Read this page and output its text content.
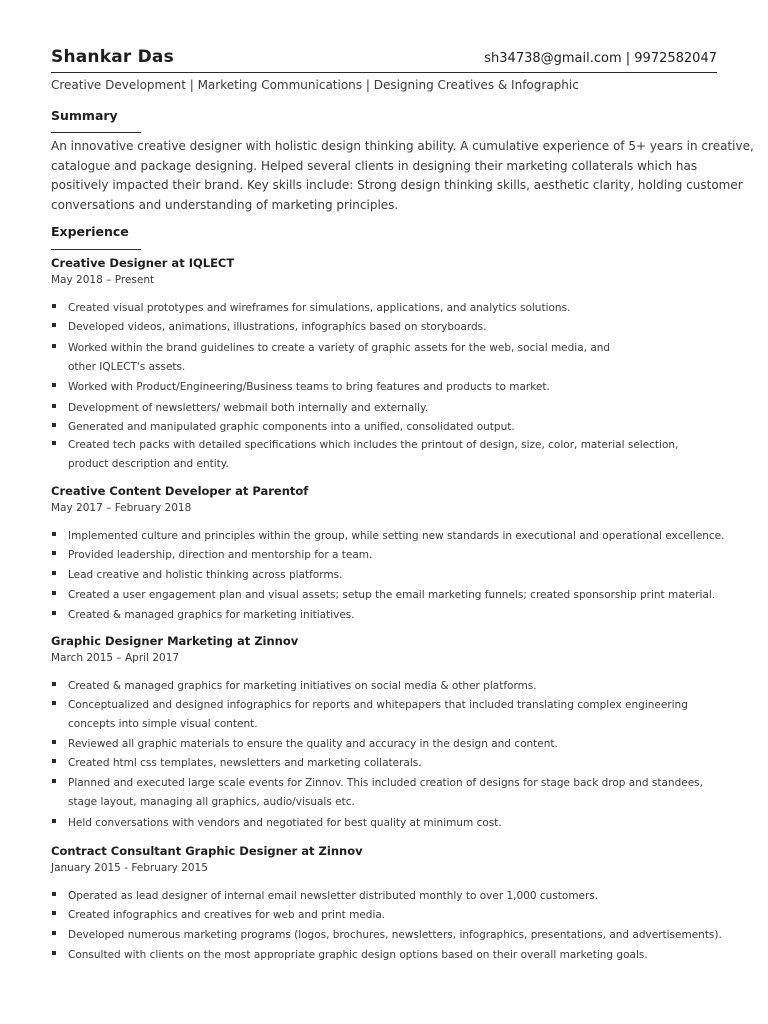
Shankar Das	sh34738@gmail.com | 9972582047
Creative Development | Marketing Communications | Designing Creatives & Infographic
Summary
An innovative creative designer with holistic design thinking ability. A cumulative experience of 5+ years in creative,
catalogue and package designing. Helped several clients in designing their marketing collaterals which has
positively impacted their brand. Key skills include: Strong design thinking skills, aesthetic clarity, holding customer
conversations and understanding of marketing principles.
Experience
Creative Designer at IQLECT
May 2018 – Present
Created visual prototypes and wireframes for simulations, applications, and analytics solutions.
Developed videos, animations, illustrations, infographics based on storyboards.
Worked within the brand guidelines to create a variety of graphic assets for the web, social media, and
other IQLECT's assets.
Worked with Product/Engineering/Business teams to bring features and products to market.
Development of newsletters/ webmail both internally and externally.
Generated and manipulated graphic components into a unified, consolidated output.
Created tech packs with detailed specifications which includes the printout of design, size, color, material selection,
product description and entity.
Creative Content Developer at Parentof
May 2017 – February 2018
Implemented culture and principles within the group, while setting new standards in executional and operational excellence.
Provided leadership, direction and mentorship for a team.
Lead creative and holistic thinking across platforms.
Created a user engagement plan and visual assets; setup the email marketing funnels; created sponsorship print material.
Created & managed graphics for marketing initiatives.
Graphic Designer Marketing at Zinnov
March 2015 – April 2017
Created & managed graphics for marketing initiatives on social media & other platforms.
Conceptualized and designed infographics for reports and whitepapers that included translating complex engineering
concepts into simple visual content.
Reviewed all graphic materials to ensure the quality and accuracy in the design and content.
Created html css templates, newsletters and marketing collaterals.
Planned and executed large scale events for Zinnov. This included creation of designs for stage back drop and standees,
stage layout, managing all graphics, audio/visuals etc.
Held conversations with vendors and negotiated for best quality at minimum cost.
Contract Consultant Graphic Designer at Zinnov
January 2015 - February 2015
Operated as lead designer of internal email newsletter distributed monthly to over 1,000 customers.
Created infographics and creatives for web and print media.
Developed numerous marketing programs (logos, brochures, newsletters, infographics, presentations, and advertisements).
Consulted with clients on the most appropriate graphic design options based on their overall marketing goals.
